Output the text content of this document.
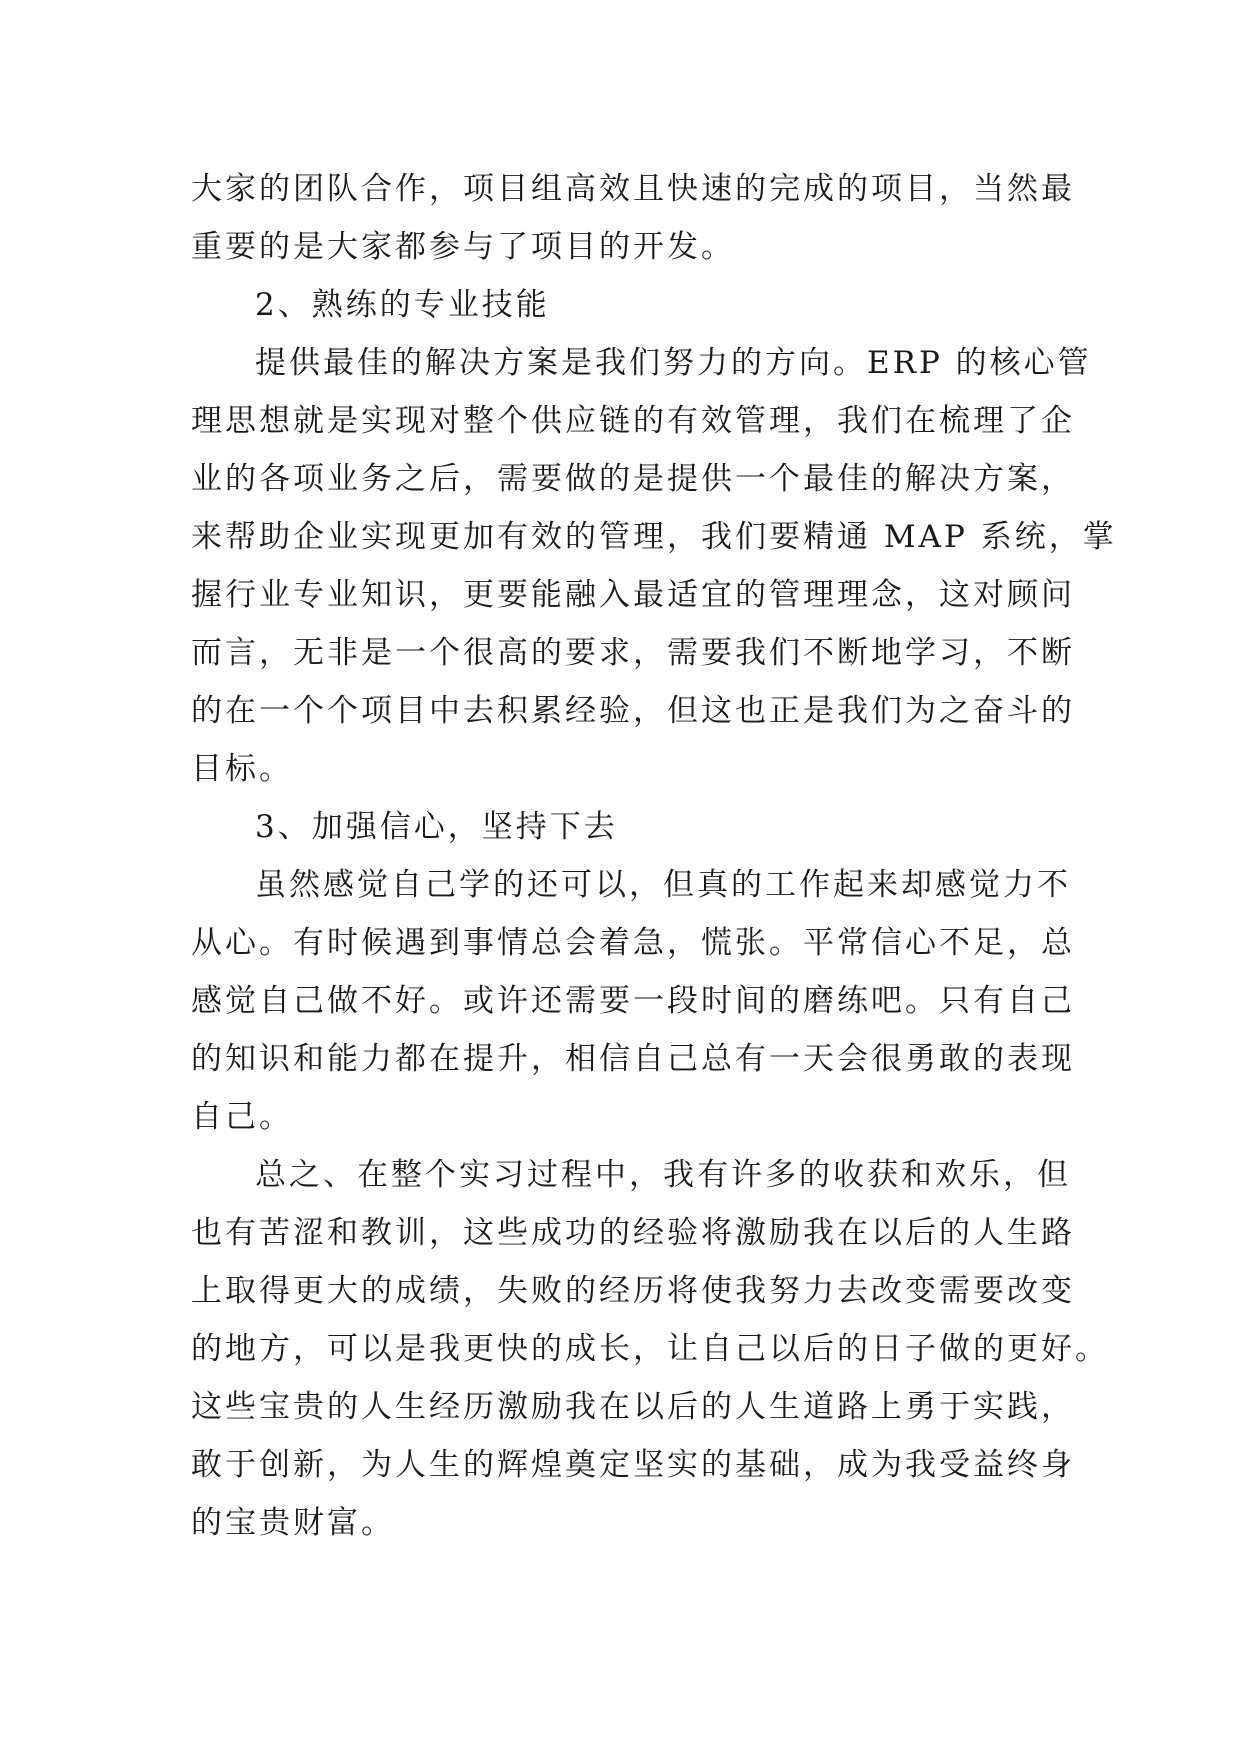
大家的团队合作，项目组高效且快速的完成的项目，当然最
重要的是大家都参与了项目的开发。
2、熟练的专业技能
提供最佳的解决方案是我们努力的方向。ERP 的核心管
理思想就是实现对整个供应链的有效管理，我们在梳理了企
业的各项业务之后，需要做的是提供一个最佳的解决方案，
来帮助企业实现更加有效的管理，我们要精通 MAP 系统，掌
握行业专业知识，更要能融入最适宜的管理理念，这对顾问
而言，无非是一个很高的要求，需要我们不断地学习，不断
的在一个个项目中去积累经验，但这也正是我们为之奋斗的
目标。
3、加强信心，坚持下去
虽然感觉自己学的还可以，但真的工作起来却感觉力不
从心。有时候遇到事情总会着急，慌张。平常信心不足，总
感觉自己做不好。或许还需要一段时间的磨练吧。只有自己
的知识和能力都在提升，相信自己总有一天会很勇敢的表现
自己。
总之、在整个实习过程中，我有许多的收获和欢乐，但
也有苦涩和教训，这些成功的经验将激励我在以后的人生路
上取得更大的成绩，失败的经历将使我努力去改变需要改变
的地方，可以是我更快的成长，让自己以后的日子做的更好。
这些宝贵的人生经历激励我在以后的人生道路上勇于实践，
敢于创新，为人生的辉煌奠定坚实的基础，成为我受益终身
的宝贵财富。
